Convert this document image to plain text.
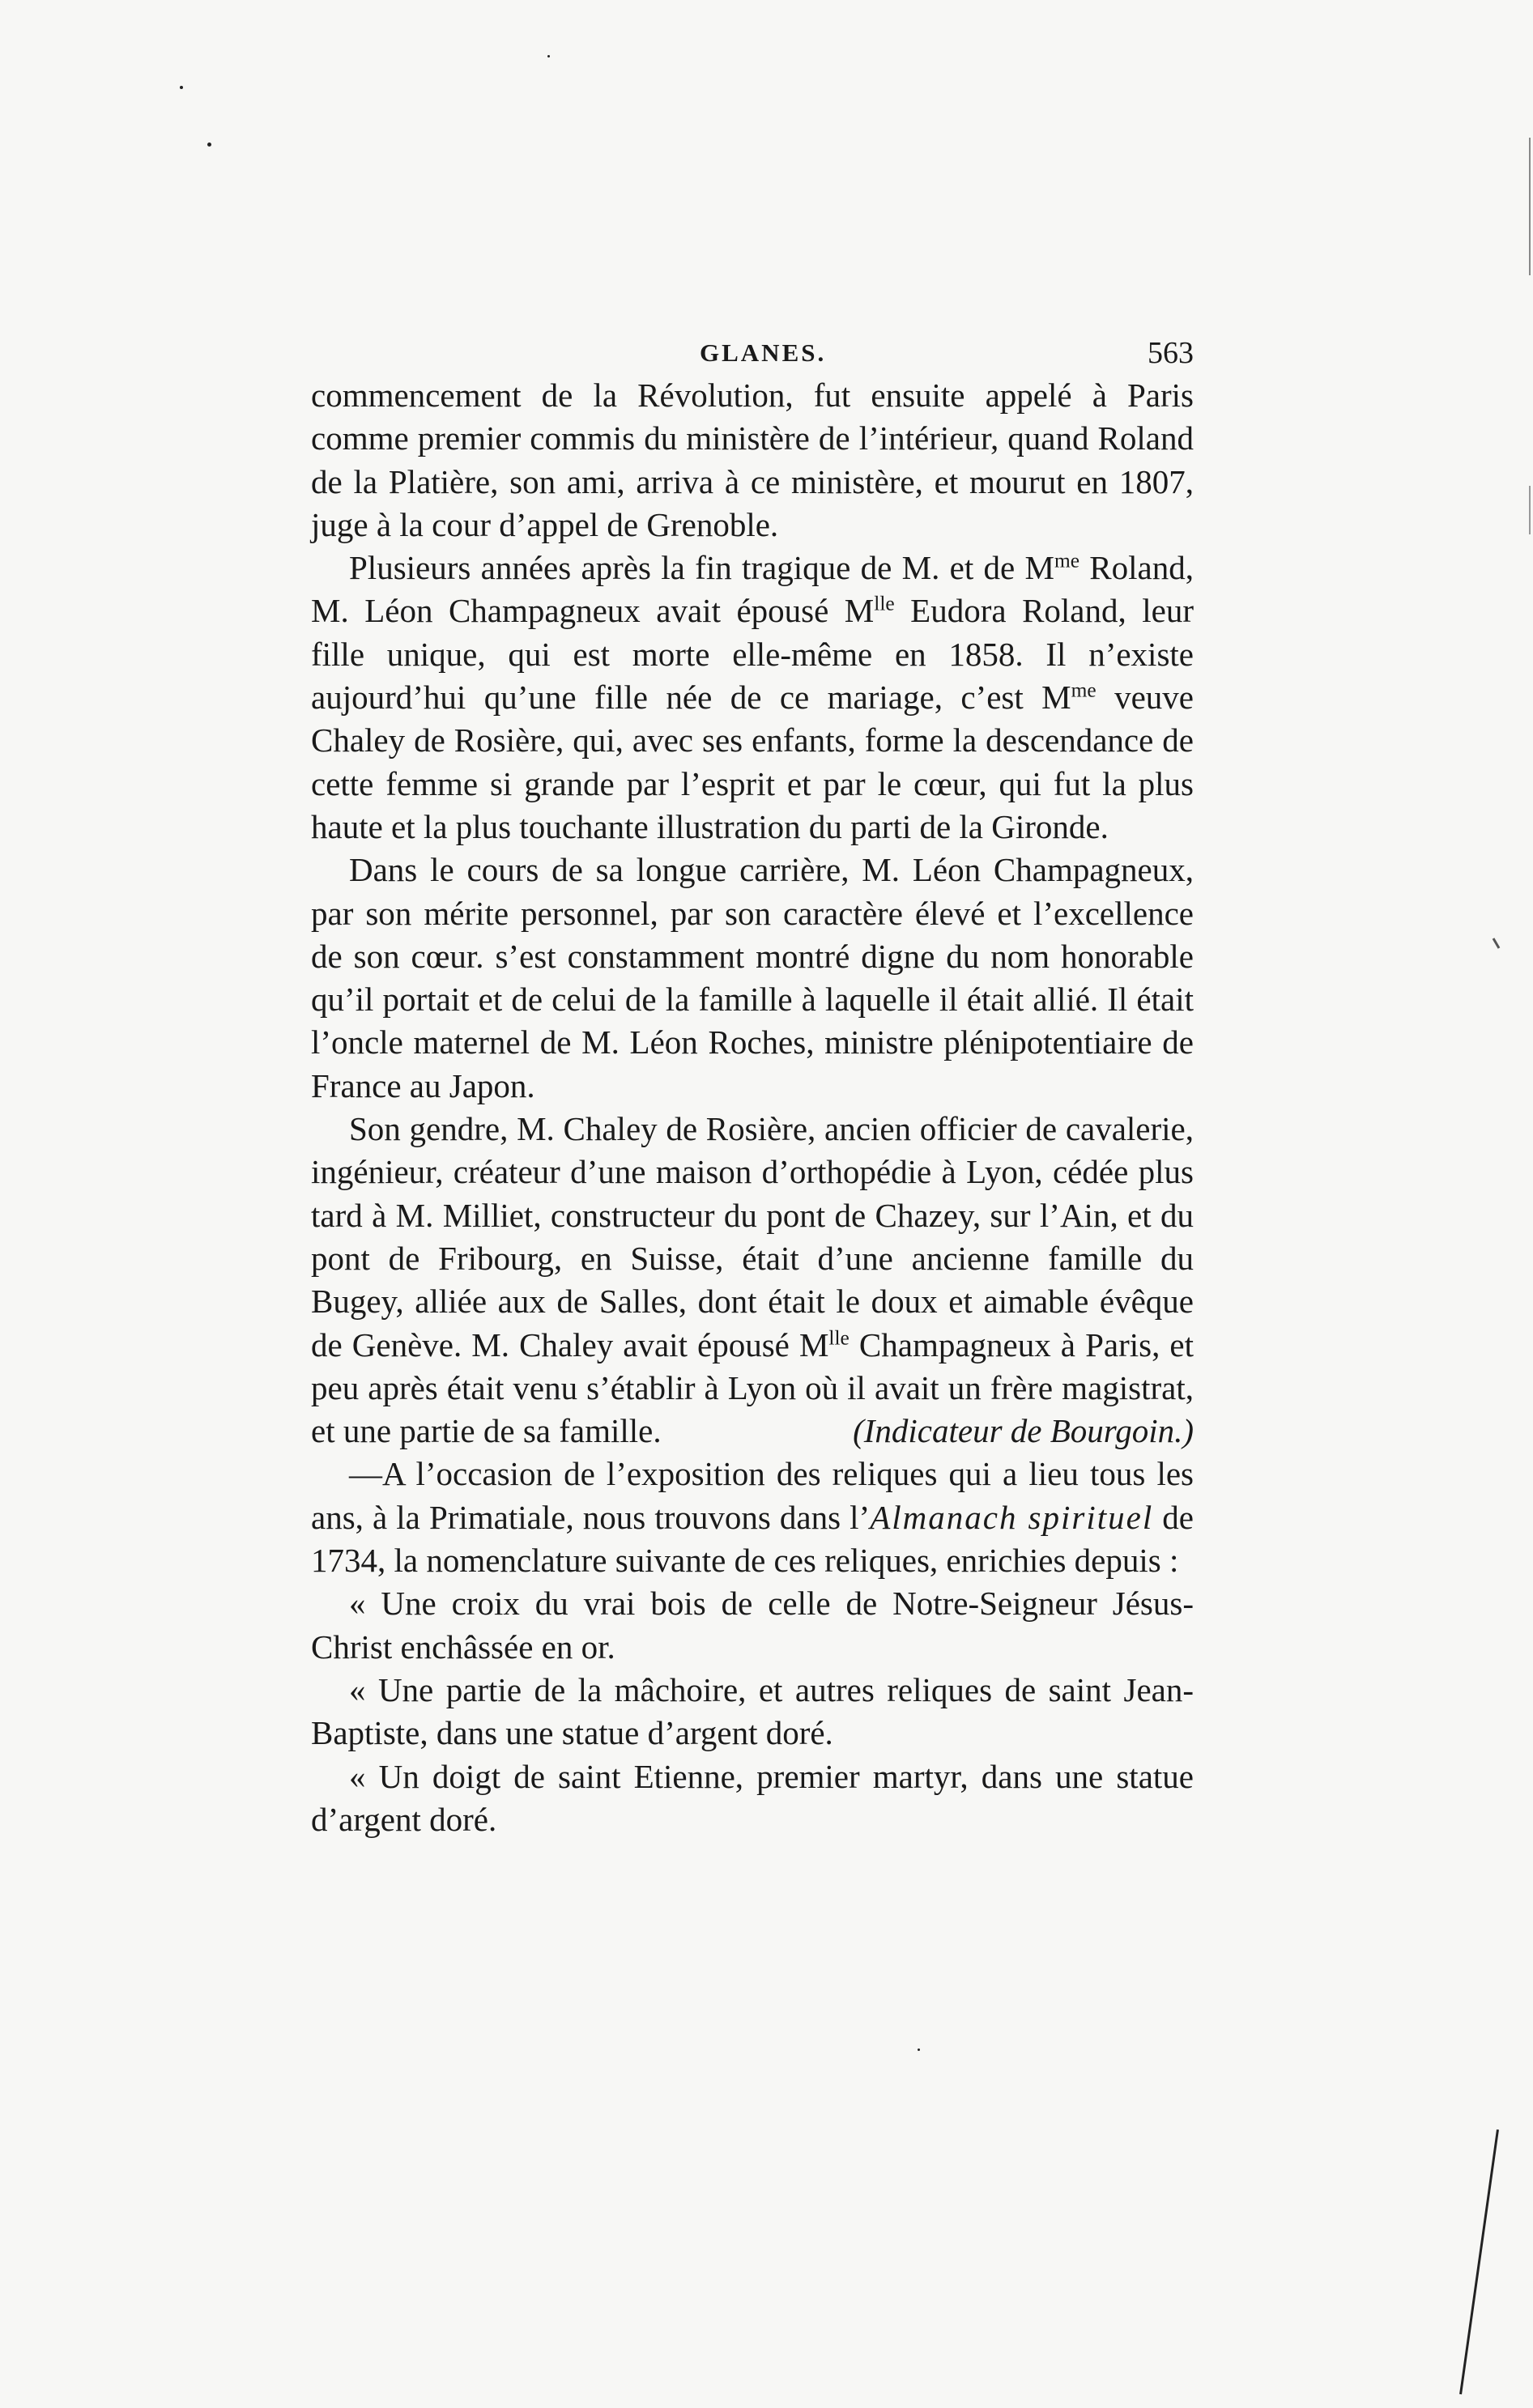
GLANES.	563

commencement de la Révolution, fut ensuite appelé à Paris comme premier commis du ministère de l’intérieur, quand Roland de la Platière, son ami, arriva à ce ministère, et mourut en 1807, juge à la cour d’appel de Grenoble.

Plusieurs années après la fin tragique de M. et de $M^{me}$ Roland, M. Léon Champagneux avait épousé $M^{lle}$ Eudora Roland, leur fille unique, qui est morte elle-même en 1858. Il n’existe aujourd’hui qu’une fille née de ce mariage, c’est $M^{me}$ veuve Chaley de Rosière, qui, avec ses enfants, forme la descendance de cette femme si grande par l’esprit et par le cœur, qui fut la plus haute et la plus touchante illustration du parti de la Gironde.

Dans le cours de sa longue carrière, M. Léon Champagneux, par son mérite personnel, par son caractère élevé et l’excellence de son cœur. s’est constamment montré digne du nom honorable qu’il portait et de celui de la famille à laquelle il était allié. Il était l’oncle maternel de M. Léon Roches, ministre plénipotentiaire de France au Japon.

Son gendre, M. Chaley de Rosière, ancien officier de cavalerie, ingénieur, créateur d’une maison d’orthopédie à Lyon, cédée plus tard à M. Milliet, constructeur du pont de Chazey, sur l’Ain, et du pont de Fribourg, en Suisse, était d’une ancienne famille du Bugey, alliée aux de Salles, dont était le doux et aimable évêque de Genève. M. Chaley avait épousé $M^{lle}$ Champagneux à Paris, et peu après était venu s’établir à Lyon où il avait un frère magistrat, et une partie de sa famille.	(Indicateur de Bourgoin.)

—A l’occasion de l’exposition des reliques qui a lieu tous les ans, à la Primatiale, nous trouvons dans l’Almanach spirituel de 1734, la nomenclature suivante de ces reliques, enrichies depuis :

« Une croix du vrai bois de celle de Notre-Seigneur Jésus-Christ enchâssée en or.

« Une partie de la mâchoire, et autres reliques de saint Jean-Baptiste, dans une statue d’argent doré.

« Un doigt de saint Etienne, premier martyr, dans une statue d’argent doré.
